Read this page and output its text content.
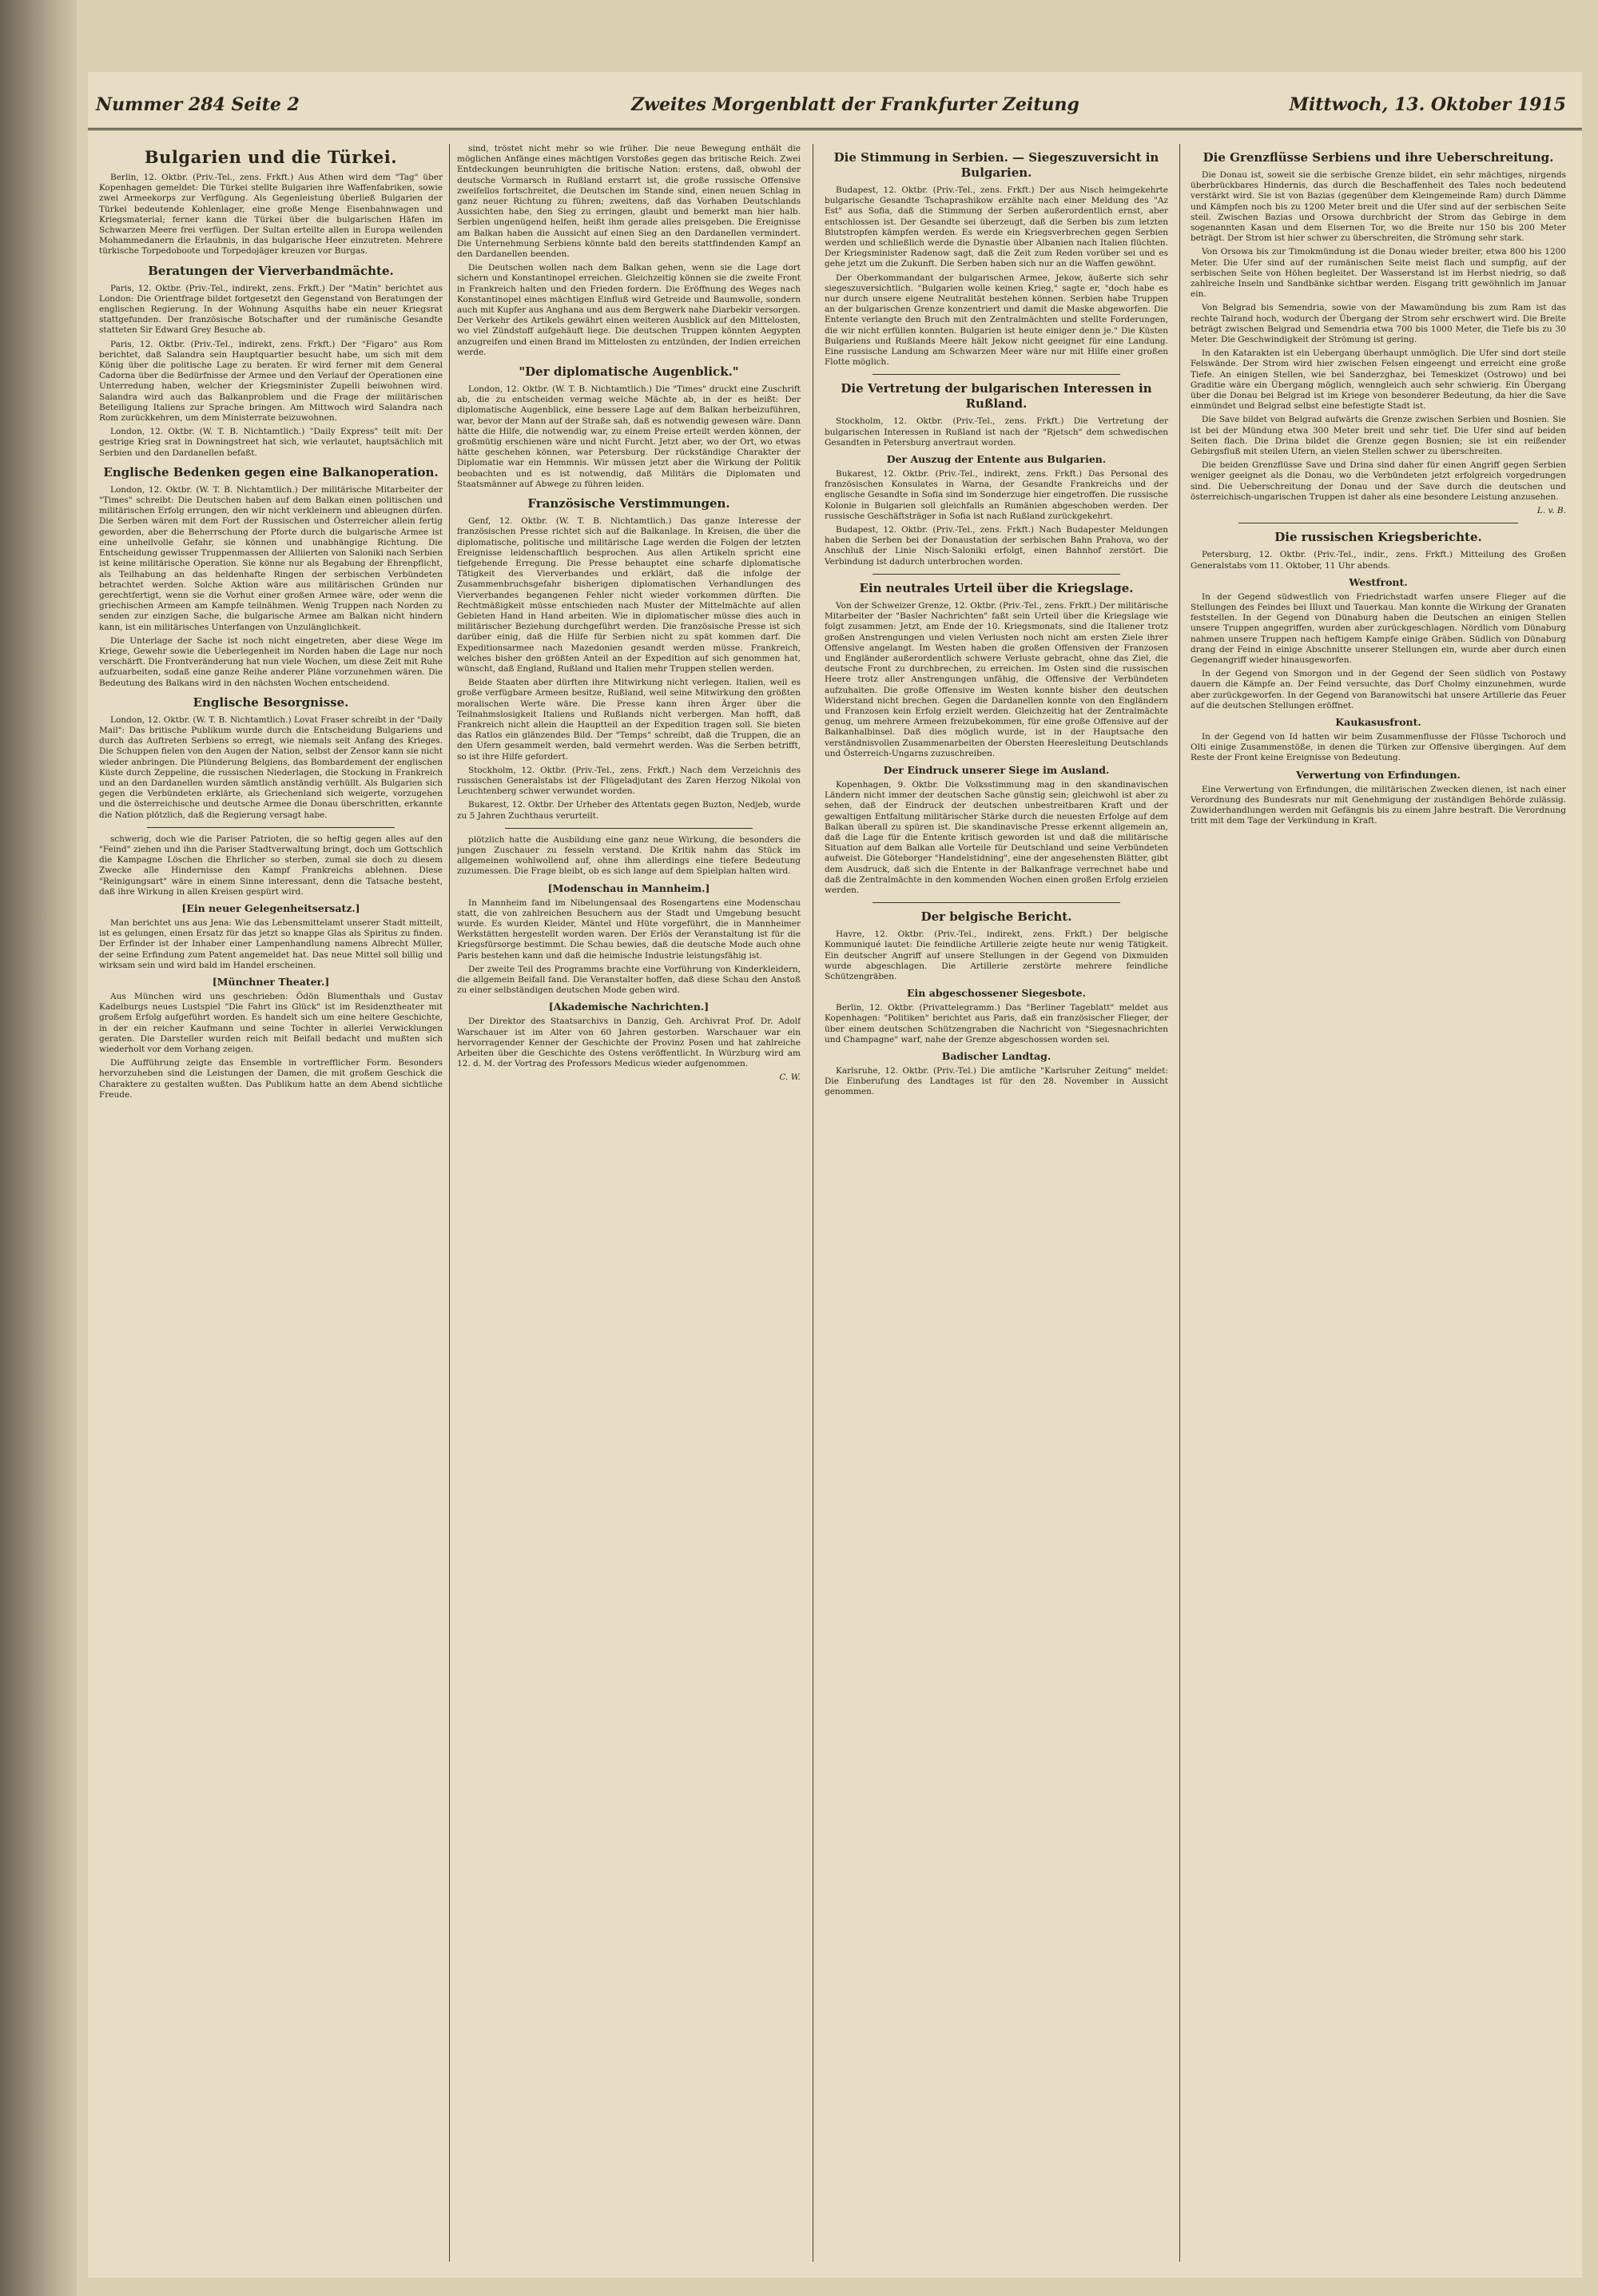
Nummer 284 Seite 2	Zweites Morgenblatt der Frankfurter Zeitung	Mittwoch, 13. Oktober 1915
Bulgarien und die Türkei.

Berlin, 12. Oktbr. (Priv.-Tel., zens. Frkft.) Aus Athen wird dem "Tag" über Kopenhagen gemeldet: Die Türkei stellte Bulgarien ihre Waffenfabriken, sowie zwei Armeekorps zur Verfügung. Als Gegenleistung überließ Bulgarien der Türkei bedeutende Kohlenlager, eine große Menge Eisenbahnwagen und Kriegsmaterial; ferner kann die Türkei über die bulgarischen Häfen im Schwarzen Meere frei verfügen. Der Sultan erteilte allen in Europa weilenden Mohammedanern die Erlaubnis, in das bulgarische Heer einzutreten. Mehrere türkische Torpedoboote und Torpedojäger kreuzen vor Burgas.

Beratungen der Vierverbandmächte.

Paris, 12. Oktbr. (Priv.-Tel., indirekt, zens. Frkft.) Der "Matin" berichtet aus London: Die Orientfrage bildet fortgesetzt den Gegenstand von Beratungen der englischen Regierung. In der Wohnung Asquiths habe ein neuer Kriegsrat stattgefunden. Der französische Botschafter und der rumänische Gesandte statteten Sir Edward Grey Besuche ab.

Paris, 12. Oktbr. (Priv.-Tel., indirekt, zens. Frkft.) Der "Figaro" aus Rom berichtet, daß Salandra sein Hauptquartier besucht habe, um sich mit dem König über die politische Lage zu beraten. Er wird ferner mit dem General Cadorna über die Bedürfnisse der Armee und den Verlauf der Operationen eine Unterredung haben, welcher der Kriegsminister Zupelli beiwohnen wird. Salandra wird auch das Balkanproblem und die Frage der militärischen Beteiligung Italiens zur Sprache bringen. Am Mittwoch wird Salandra nach Rom zurückkehren, um dem Ministerrate beizuwohnen.

London, 12. Oktbr. (W. T. B. Nichtamtlich.) "Daily Express" teilt mit: Der gestrige Krieg srat in Downingstreet hat sich, wie verlautet, hauptsächlich mit Serbien und den Dardanellen befaßt.

Englische Bedenken gegen eine Balkanoperation.

London, 12. Oktbr. (W. T. B. Nichtamtlich.) Der militärische Mitarbeiter der "Times" schreibt: Die Deutschen haben auf dem Balkan einen politischen und militärischen Erfolg errungen, den wir nicht verkleinern und ableugnen dürfen. Die Serben wären mit dem Fort der Russischen und Österreicher allein fertig geworden, aber die Beherrschung der Pforte durch die bulgarische Armee ist eine unheilvolle Gefahr, sie können und unabhängige Richtung. Die Entscheidung gewisser Truppenmassen der Alliierten von Saloniki nach Serbien ist keine militärische Operation. Sie könne nur als Begabung der Ehrenpflicht, als Teilhabung an das heldenhafte Ringen der serbischen Verbündeten betrachtet werden. Solche Aktion wäre aus militärischen Gründen nur gerechtfertigt, wenn sie die Vorhut einer großen Armee wäre, oder wenn die griechischen Armeen am Kampfe teilnähmen. Wenig Truppen nach Norden zu senden zur einzigen Sache, die bulgarische Armee am Balkan nicht hindern kann, ist ein militärisches Unterfangen von Unzulänglichkeit.

Die Unterlage der Sache ist noch nicht eingetreten, aber diese Wege im Kriege, Gewehr sowie die Ueberlegenheit im Norden haben die Lage nur noch verschärft. Die Frontveränderung hat nun viele Wochen, um diese Zeit mit Ruhe aufzuarbeiten, sodaß eine ganze Reihe anderer Pläne vorzunehmen wären. Die Bedeutung des Balkans wird in den nächsten Wochen entscheidend.

Englische Besorgnisse.

London, 12. Oktbr. (W. T. B. Nichtamtlich.) Lovat Fraser schreibt in der "Daily Mail": Das britische Publikum wurde durch die Entscheidung Bulgariens und durch das Auftreten Serbiens so erregt, wie niemals seit Anfang des Krieges. Die Schuppen fielen von den Augen der Nation, selbst der Zensor kann sie nicht wieder anbringen. Die Plünderung Belgiens, das Bombardement der englischen Küste durch Zeppeline, die russischen Niederlagen, die Stockung in Frankreich und an den Dardanellen wurden sämtlich anständig verhüllt. Als Bulgarien sich gegen die Verbündeten erklärte, als Griechenland sich weigerte, vorzugehen und die österreichische und deutsche Armee die Donau überschritten, erkannte die Nation plötzlich, daß die Regierung versagt habe.

schwerig, doch wie die Pariser Patrioten, die so heftig gegen alles auf den "Feind" ziehen und ihn die Pariser Stadtverwaltung bringt, doch um Gottschlich die Kampagne Löschen die Ehrlicher so sterben, zumal sie doch zu diesem Zwecke alle Hindernisse den Kampf Frankreichs ablehnen. Diese "Reinigungsart" wäre in einem Sinne interessant, denn die Tatsache besteht, daß ihre Wirkung in allen Kreisen gespürt wird.

[Ein neuer Gelegenheitsersatz.]

Man berichtet uns aus Jena: Wie das Lebensmittelamt unserer Stadt mitteilt, ist es gelungen, einen Ersatz für das jetzt so knappe Glas als Spiritus zu finden. Der Erfinder ist der Inhaber einer Lampenhandlung namens Albrecht Müller, der seine Erfindung zum Patent angemeldet hat. Das neue Mittel soll billig und wirksam sein und wird bald im Handel erscheinen.

[Münchner Theater.]

Aus München wird uns geschrieben: Ödön Blumenthals und Gustav Kadelburgs neues Lustspiel "Die Fahrt ins Glück" ist im Residenztheater mit großem Erfolg aufgeführt worden. Es handelt sich um eine heitere Geschichte, in der ein reicher Kaufmann und seine Tochter in allerlei Verwicklungen geraten. Die Darsteller wurden reich mit Beifall bedacht und mußten sich wiederholt vor dem Vorhang zeigen.

Die Aufführung zeigte das Ensemble in vortrefflicher Form. Besonders hervorzuheben sind die Leistungen der Damen, die mit großem Geschick die Charaktere zu gestalten wußten. Das Publikum hatte an dem Abend sichtliche Freude.

sind, tröstet nicht mehr so wie früher. Die neue Bewegung enthält die möglichen Anfänge eines mächtigen Vorstoßes gegen das britische Reich. Zwei Entdeckungen beunruhigten die britische Nation: erstens, daß, obwohl der deutsche Vormarsch in Rußland erstarrt ist, die große russische Offensive zweifellos fortschreitet, die Deutschen im Stande sind, einen neuen Schlag in ganz neuer Richtung zu führen; zweitens, daß das Vorhaben Deutschlands Aussichten habe, den Sieg zu erringen, glaubt und bemerkt man hier halb. Serbien ungenügend helfen, heißt ihm gerade alles preisgeben. Die Ereignisse am Balkan haben die Aussicht auf einen Sieg an den Dardanellen vermindert. Die Unternehmung Serbiens könnte bald den bereits stattfindenden Kampf an den Dardanellen beenden.

Die Deutschen wollen nach dem Balkan gehen, wenn sie die Lage dort sichern und Konstantinopel erreichen. Gleichzeitig können sie die zweite Front in Frankreich halten und den Frieden fordern. Die Eröffnung des Weges nach Konstantinopel eines mächtigen Einfluß wird Getreide und Baumwolle, sondern auch mit Kupfer aus Anghana und aus dem Bergwerk nahe Diarbekir versorgen. Der Verkehr des Artikels gewährt einen weiteren Ausblick auf den Mittelosten, wo viel Zündstoff aufgehäuft liege. Die deutschen Truppen könnten Aegypten anzugreifen und einen Brand im Mittelosten zu entzünden, der Indien erreichen werde.

"Der diplomatische Augenblick."

London, 12. Oktbr. (W. T. B. Nichtamtlich.) Die "Times" druckt eine Zuschrift ab, die zu entscheiden vermag welche Mächte ab, in der es heißt: Der diplomatische Augenblick, eine bessere Lage auf dem Balkan herbeizuführen, war, bevor der Mann auf der Straße sah, daß es notwendig gewesen wäre. Dann hätte die Hilfe, die notwendig war, zu einem Preise erteilt werden können, der großmütig erschienen wäre und nicht Furcht. Jetzt aber, wo der Ort, wo etwas hätte geschehen können, war Petersburg. Der rückständige Charakter der Diplomatie war ein Hemmnis. Wir müssen jetzt aber die Wirkung der Politik beobachten und es ist notwendig, daß Militärs die Diplomaten und Staatsmänner auf Abwege zu führen leiden.

Französische Verstimmungen.

Genf, 12. Oktbr. (W. T. B. Nichtamtlich.) Das ganze Interesse der französischen Presse richtet sich auf die Balkanlage. In Kreisen, die über die diplomatische, politische und militärische Lage werden die Folgen der letzten Ereignisse leidenschaftlich besprochen. Aus allen Artikeln spricht eine tiefgehende Erregung. Die Presse behauptet eine scharfe diplomatische Tätigkeit des Vierverbandes und erklärt, daß die infolge der Zusammenbruchsgefahr bisherigen diplomatischen Verhandlungen des Vierverbandes begangenen Fehler nicht wieder vorkommen dürften. Die Rechtmäßigkeit müsse entschieden nach Muster der Mittelmächte auf allen Gebieten Hand in Hand arbeiten. Wie in diplomatischer müsse dies auch in militärischer Beziehung durchgeführt werden. Die französische Presse ist sich darüber einig, daß die Hilfe für Serbien nicht zu spät kommen darf. Die Expeditionsarmee nach Mazedonien gesandt werden müsse. Frankreich, welches bisher den größten Anteil an der Expedition auf sich genommen hat, wünscht, daß England, Rußland und Italien mehr Truppen stellen werden.

Beide Staaten aber dürften ihre Mitwirkung nicht verlegen. Italien, weil es große verfügbare Armeen besitze, Rußland, weil seine Mitwirkung den größten moralischen Werte wäre. Die Presse kann ihren Ärger über die Teilnahmslosigkeit Italiens und Rußlands nicht verbergen. Man hofft, daß Frankreich nicht allein die Hauptteil an der Expedition tragen soll. Sie bieten das Ratlos ein glänzendes Bild. Der "Temps" schreibt, daß die Truppen, die an den Ufern gesammelt werden, bald vermehrt werden. Was die Serben betrifft, so ist ihre Hilfe gefordert.

Stockholm, 12. Oktbr. (Priv.-Tel., zens. Frkft.) Nach dem Verzeichnis des russischen Generalstabs ist der Flügeladjutant des Zaren Herzog Nikolai von Leuchtenberg schwer verwundet worden.

Bukarest, 12. Oktbr. Der Urheber des Attentats gegen Buzton, Nedjeb, wurde zu 5 Jahren Zuchthaus verurteilt.

plötzlich hatte die Ausbildung eine ganz neue Wirkung, die besonders die jungen Zuschauer zu fesseln verstand. Die Kritik nahm das Stück im allgemeinen wohlwollend auf, ohne ihm allerdings eine tiefere Bedeutung zuzumessen. Die Frage bleibt, ob es sich lange auf dem Spielplan halten wird.

[Modenschau in Mannheim.]

In Mannheim fand im Nibelungensaal des Rosengartens eine Modenschau statt, die von zahlreichen Besuchern aus der Stadt und Umgebung besucht wurde. Es wurden Kleider, Mäntel und Hüte vorgeführt, die in Mannheimer Werkstätten hergestellt worden waren. Der Erlös der Veranstaltung ist für die Kriegsfürsorge bestimmt. Die Schau bewies, daß die deutsche Mode auch ohne Paris bestehen kann und daß die heimische Industrie leistungsfähig ist.

Der zweite Teil des Programms brachte eine Vorführung von Kinderkleidern, die allgemein Beifall fand. Die Veranstalter hoffen, daß diese Schau den Anstoß zu einer selbständigen deutschen Mode geben wird.

[Akademische Nachrichten.]

Der Direktor des Staatsarchivs in Danzig, Geh. Archivrat Prof. Dr. Adolf Warschauer ist im Alter von 60 Jahren gestorben. Warschauer war ein hervorragender Kenner der Geschichte der Provinz Posen und hat zahlreiche Arbeiten über die Geschichte des Ostens veröffentlicht. In Würzburg wird am 12. d. M. der Vortrag des Professors Medicus wieder aufgenommen.

C. W.

Die Stimmung in Serbien. — Siegeszuversicht in Bulgarien.

Budapest, 12. Oktbr. (Priv.-Tel., zens. Frkft.) Der aus Nisch heimgekehrte bulgarische Gesandte Tschaprashikow erzählte nach einer Meldung des "Az Est" aus Sofia, daß die Stimmung der Serben außerordentlich ernst, aber entschlossen ist. Der Gesandte sei überzeugt, daß die Serben bis zum letzten Blutstropfen kämpfen werden. Es werde ein Kriegsverbrechen gegen Serbien werden und schließlich werde die Dynastie über Albanien nach Italien flüchten. Der Kriegsminister Radenow sagt, daß die Zeit zum Reden vorüber sei und es gehe jetzt um die Zukunft. Die Serben haben sich nur an die Waffen gewöhnt.

Der Oberkommandant der bulgarischen Armee, Jekow, äußerte sich sehr siegeszuversichtlich. "Bulgarien wolle keinen Krieg," sagte er, "doch habe es nur durch unsere eigene Neutralität bestehen können. Serbien habe Truppen an der bulgarischen Grenze konzentriert und damit die Maske abgeworfen. Die Entente verlangte den Bruch mit den Zentralmächten und stellte Forderungen, die wir nicht erfüllen konnten. Bulgarien ist heute einiger denn je." Die Küsten Bulgariens und Rußlands Meere hält Jekow nicht geeignet für eine Landung. Eine russische Landung am Schwarzen Meer wäre nur mit Hilfe einer großen Flotte möglich.

Die Vertretung der bulgarischen Interessen in Rußland.

Stockholm, 12. Oktbr. (Priv.-Tel., zens. Frkft.) Die Vertretung der bulgarischen Interessen in Rußland ist nach der "Rjetsch" dem schwedischen Gesandten in Petersburg anvertraut worden.

Der Auszug der Entente aus Bulgarien.

Bukarest, 12. Oktbr. (Priv.-Tel., indirekt, zens. Frkft.) Das Personal des französischen Konsulates in Warna, der Gesandte Frankreichs und der englische Gesandte in Sofia sind im Sonderzuge hier eingetroffen. Die russische Kolonie in Bulgarien soll gleichfalls an Rumänien abgeschoben werden. Der russische Geschäftsträger in Sofia ist nach Rußland zurückgekehrt.

Budapest, 12. Oktbr. (Priv.-Tel., zens. Frkft.) Nach Budapester Meldungen haben die Serben bei der Donaustation der serbischen Bahn Prahova, wo der Anschluß der Linie Nisch-Saloniki erfolgt, einen Bahnhof zerstört. Die Verbindung ist dadurch unterbrochen worden.

Ein neutrales Urteil über die Kriegslage.

Von der Schweizer Grenze, 12. Oktbr. (Priv.-Tel., zens. Frkft.) Der militärische Mitarbeiter der "Basler Nachrichten" faßt sein Urteil über die Kriegslage wie folgt zusammen: Jetzt, am Ende der 10. Kriegsmonats, sind die Italiener trotz großen Anstrengungen und vielen Verlusten noch nicht am ersten Ziele ihrer Offensive angelangt. Im Westen haben die großen Offensiven der Franzosen und Engländer außerordentlich schwere Verluste gebracht, ohne das Ziel, die deutsche Front zu durchbrechen, zu erreichen. Im Osten sind die russischen Heere trotz aller Anstrengungen unfähig, die Offensive der Verbündeten aufzuhalten. Die große Offensive im Westen konnte bisher den deutschen Widerstand nicht brechen. Gegen die Dardanellen konnte von den Engländern und Franzosen kein Erfolg erzielt werden. Gleichzeitig hat der Zentralmächte genug, um mehrere Armeen freizubekommen, für eine große Offensive auf der Balkanhalbinsel. Daß dies möglich wurde, ist in der Hauptsache den verständnisvollen Zusammenarbeiten der Obersten Heeresleitung Deutschlands und Österreich-Ungarns zuzuschreiben.

Der Eindruck unserer Siege im Ausland.

Kopenhagen, 9. Oktbr. Die Volksstimmung mag in den skandinavischen Ländern nicht immer der deutschen Sache günstig sein; gleichwohl ist aber zu sehen, daß der Eindruck der deutschen unbestreitbaren Kraft und der gewaltigen Entfaltung militärischer Stärke durch die neuesten Erfolge auf dem Balkan überall zu spüren ist. Die skandinavische Presse erkennt allgemein an, daß die Lage für die Entente kritisch geworden ist und daß die militärische Situation auf dem Balkan alle Vorteile für Deutschland und seine Verbündeten aufweist. Die Göteborger "Handelstidning", eine der angesehensten Blätter, gibt dem Ausdruck, daß sich die Entente in der Balkanfrage verrechnet habe und daß die Zentralmächte in den kommenden Wochen einen großen Erfolg erzielen werden.

Der belgische Bericht.

Havre, 12. Oktbr. (Priv.-Tel., indirekt, zens. Frkft.) Der belgische Kommuniqué lautet: Die feindliche Artillerie zeigte heute nur wenig Tätigkeit. Ein deutscher Angriff auf unsere Stellungen in der Gegend von Dixmuiden wurde abgeschlagen. Die Artillerie zerstörte mehrere feindliche Schützengräben.

Ein abgeschossener Siegesbote.

Berlin, 12. Oktbr. (Privattelegramm.) Das "Berliner Tageblatt" meldet aus Kopenhagen: "Politiken" berichtet aus Paris, daß ein französischer Flieger, der über einem deutschen Schützengraben die Nachricht von "Siegesnachrichten und Champagne" warf, nahe der Grenze abgeschossen worden sei.

Badischer Landtag.

Karlsruhe, 12. Oktbr. (Priv.-Tel.) Die amtliche "Karlsruher Zeitung" meldet: Die Einberufung des Landtages ist für den 28. November in Aussicht genommen.

Die Grenzflüsse Serbiens und ihre Ueberschreitung.

Die Donau ist, soweit sie die serbische Grenze bildet, ein sehr mächtiges, nirgends überbrückbares Hindernis, das durch die Beschaffenheit des Tales noch bedeutend verstärkt wird. Sie ist von Bazias (gegenüber dem Kleingemeinde Ram) durch Dämme und Kämpfen noch bis zu 1200 Meter breit und die Ufer sind auf der serbischen Seite steil. Zwischen Bazias und Orsowa durchbricht der Strom das Gebirge in dem sogenannten Kasan und dem Eisernen Tor, wo die Breite nur 150 bis 200 Meter beträgt. Der Strom ist hier schwer zu überschreiten, die Strömung sehr stark.

Von Orsowa bis zur Timokmündung ist die Donau wieder breiter, etwa 800 bis 1200 Meter. Die Ufer sind auf der rumänischen Seite meist flach und sumpfig, auf der serbischen Seite von Höhen begleitet. Der Wasserstand ist im Herbst niedrig, so daß zahlreiche Inseln und Sandbänke sichtbar werden. Eisgang tritt gewöhnlich im Januar ein.

Von Belgrad bis Semendria, sowie von der Mawamündung bis zum Ram ist das rechte Talrand hoch, wodurch der Übergang der Strom sehr erschwert wird. Die Breite beträgt zwischen Belgrad und Semendria etwa 700 bis 1000 Meter, die Tiefe bis zu 30 Meter. Die Geschwindigkeit der Strömung ist gering.

In den Katarakten ist ein Uebergang überhaupt unmöglich. Die Ufer sind dort steile Felswände. Der Strom wird hier zwischen Felsen eingeengt und erreicht eine große Tiefe. An einigen Stellen, wie bei Sanderzghaz, bei Temeskizet (Ostrowo) und bei Graditie wäre ein Übergang möglich, wenngleich auch sehr schwierig. Ein Übergang über die Donau bei Belgrad ist im Kriege von besonderer Bedeutung, da hier die Save einmündet und Belgrad selbst eine befestigte Stadt ist.

Die Save bildet von Belgrad aufwärts die Grenze zwischen Serbien und Bosnien. Sie ist bei der Mündung etwa 300 Meter breit und sehr tief. Die Ufer sind auf beiden Seiten flach. Die Drina bildet die Grenze gegen Bosnien; sie ist ein reißender Gebirgsfluß mit steilen Ufern, an vielen Stellen schwer zu überschreiten.

Die beiden Grenzflüsse Save und Drina sind daher für einen Angriff gegen Serbien weniger geeignet als die Donau, wo die Verbündeten jetzt erfolgreich vorgedrungen sind. Die Ueberschreitung der Donau und der Save durch die deutschen und österreichisch-ungarischen Truppen ist daher als eine besondere Leistung anzusehen.

L. v. B.

Die russischen Kriegsberichte.

Petersburg, 12. Oktbr. (Priv.-Tel., indir., zens. Frkft.) Mitteilung des Großen Generalstabs vom 11. Oktober, 11 Uhr abends.

Westfront.

In der Gegend südwestlich von Friedrichstadt warfen unsere Flieger auf die Stellungen des Feindes bei Illuxt und Tauerkau. Man konnte die Wirkung der Granaten feststellen. In der Gegend von Dünaburg haben die Deutschen an einigen Stellen unsere Truppen angegriffen, wurden aber zurückgeschlagen. Nördlich vom Dünaburg nahmen unsere Truppen nach heftigem Kampfe einige Gräben. Südlich von Dünaburg drang der Feind in einige Abschnitte unserer Stellungen ein, wurde aber durch einen Gegenangriff wieder hinausgeworfen.

In der Gegend von Smorgon und in der Gegend der Seen südlich von Postawy dauern die Kämpfe an. Der Feind versuchte, das Dorf Cholmy einzunehmen, wurde aber zurückgeworfen. In der Gegend von Baranowitschi hat unsere Artillerie das Feuer auf die deutschen Stellungen eröffnet.

Kaukasusfront.

In der Gegend von Id hatten wir beim Zusammenflusse der Flüsse Tschoroch und Olti einige Zusammenstöße, in denen die Türken zur Offensive übergingen. Auf dem Reste der Front keine Ereignisse von Bedeutung.

Verwertung von Erfindungen.

Eine Verwertung von Erfindungen, die militärischen Zwecken dienen, ist nach einer Verordnung des Bundesrats nur mit Genehmigung der zuständigen Behörde zulässig. Zuwiderhandlungen werden mit Gefängnis bis zu einem Jahre bestraft. Die Verordnung tritt mit dem Tage der Verkündung in Kraft.
